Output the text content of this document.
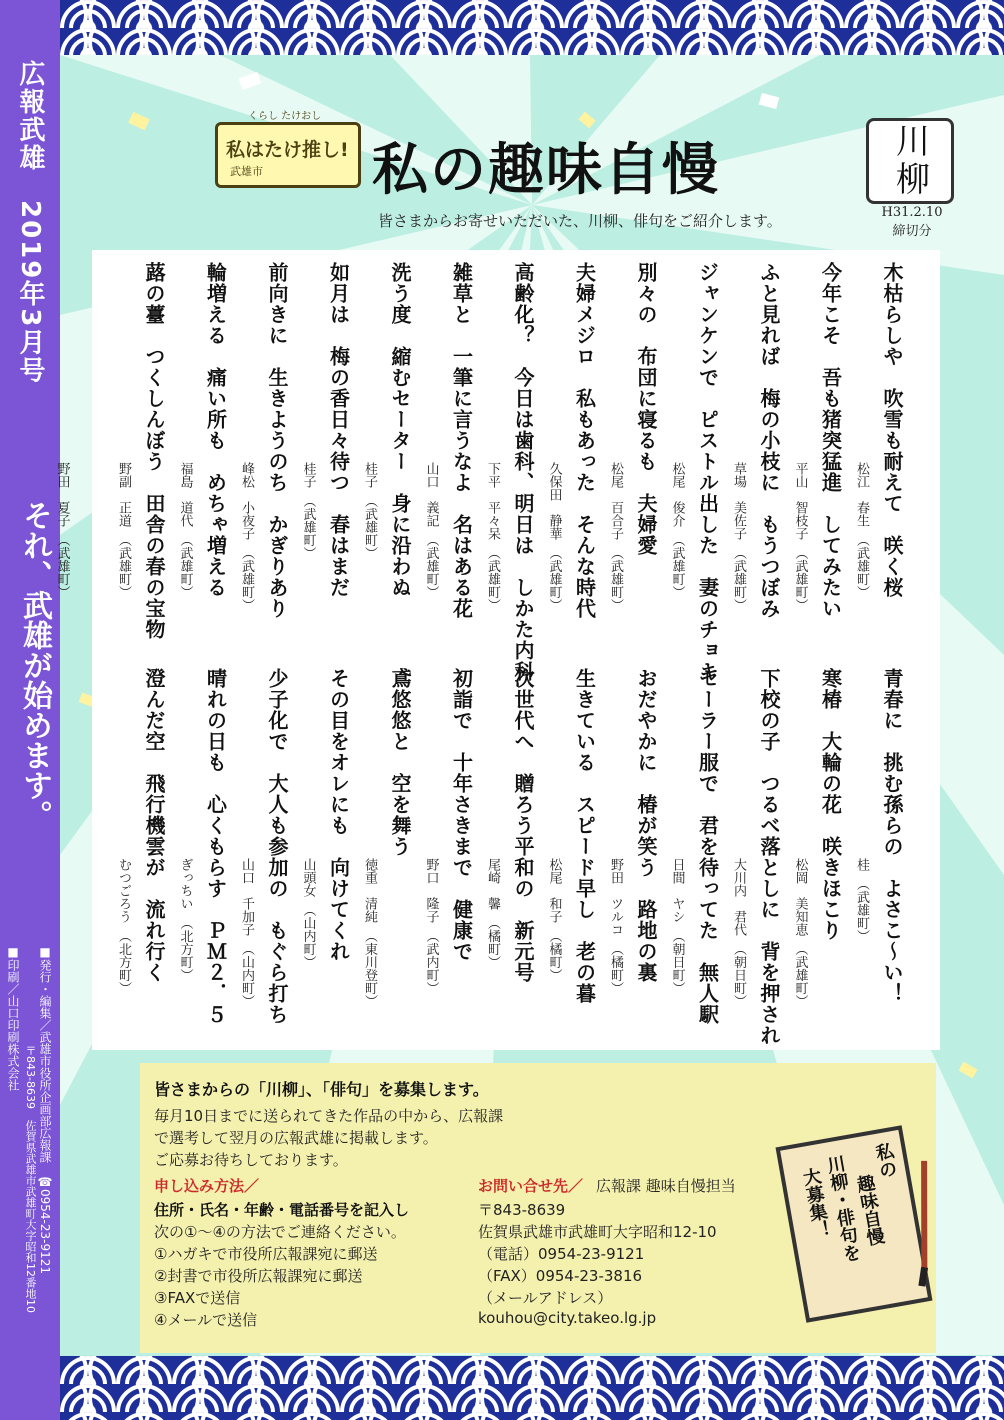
広報武雄　2019年3月号
それ、武雄が始めます。
■発行・編集／武雄市役所企画部広報課　☎0954-23-9121
〒843-8639　佐賀県武雄市武雄町大字昭和12番地10
■印刷／山口印刷株式会社
くらし たけおし
私はたけ推し!
武雄市 私の趣味自慢
皆さまからお寄せいただいた、川柳、俳句をご紹介します。
川柳
H31.2.10
締切分
木枯らしや　吹雪も耐えて　咲く桜
松江　春生　（武雄町）
今年こそ　吾も猪突猛進　してみたい
平山　智枝子　（武雄町）
ふと見れば　梅の小枝に　もうつぼみ
草場　美佐子　（武雄町）
ジャンケンで　ピストル出した　妻のチョキ
松尾　俊介　（武雄町）
別々の　布団に寝るも　夫婦愛
松尾　百合子　（武雄町）
夫婦メジロ　私もあった　そんな時代
久保田　静華　（武雄町）
高齢化？　今日は歯科、明日は　しかた内科
下平　平々呆　（武雄町）
雑草と　一筆に言うなよ　名はある花
山口　義記　（武雄町）
洗う度　縮むセーター　身に沿わぬ
桂子　（武雄町）
如月は　梅の香日々待つ　春はまだ
桂子　（武雄町）
前向きに　生きようのち　かぎりあり
峰松　小夜子　（武雄町）
輪増える　痛い所も　めちゃ増える
福島　道代　（武雄町）
蕗の薹　つくしんぼう　田舎の春の宝物
野副　正道　（武雄町）
野田　夏子　（武雄町）
青春に　挑む孫らの　よさこ〜い！
桂　（武雄町）
寒椿　大輪の花　咲きほこり
松岡　美知恵　（武雄町）
下校の子　つるべ落としに　背を押され
大川内　君代　（朝日町）
セーラー服で　君を待ってた　無人駅
日間　ヤシ　（朝日町）
おだやかに　椿が笑う　路地の裏
野田　ツルコ　（橘町）
生きている　スピード早し　老の暮
松尾　和子　（橘町）
次世代へ　贈ろう平和の　新元号
尾崎　馨　（橘町）
初詣で　十年さきまで　健康で
野口　隆子　（武内町）
鳶悠悠と　空を舞う
徳重　清純　（東川登町）
その目をオレにも　向けてくれ
山頭女　（山内町）
少子化で　大人も参加の　もぐら打ち
山口　千加子　（山内町）
晴れの日も　心くもらす　ＰＭ２．５
ぎっちい　（北方町）
澄んだ空　飛行機雲が　流れ行く
むつごろう　（北方町）
皆さまからの「川柳」、「俳句」を募集します。
毎月10日までに送られてきた作品の中から、広報課
で選考して翌月の広報武雄に掲載します。
ご応募お待ちしております。
申し込み方法／
住所・氏名・年齢・電話番号を記入し
次の①〜④の方法でご連絡ください。
①ハガキで市役所広報課宛に郵送
②封書で市役所広報課宛に郵送
③FAXで送信
④メールで送信
お問い合せ先／ 広報課 趣味自慢担当
〒843-8639
佐賀県武雄市武雄町大字昭和12-10
（電話）0954-23-9121
（FAX）0954-23-3816
（メールアドレス）
kouhou@city.takeo.lg.jp
私の
趣味自慢
川柳・俳句を
大募集！
